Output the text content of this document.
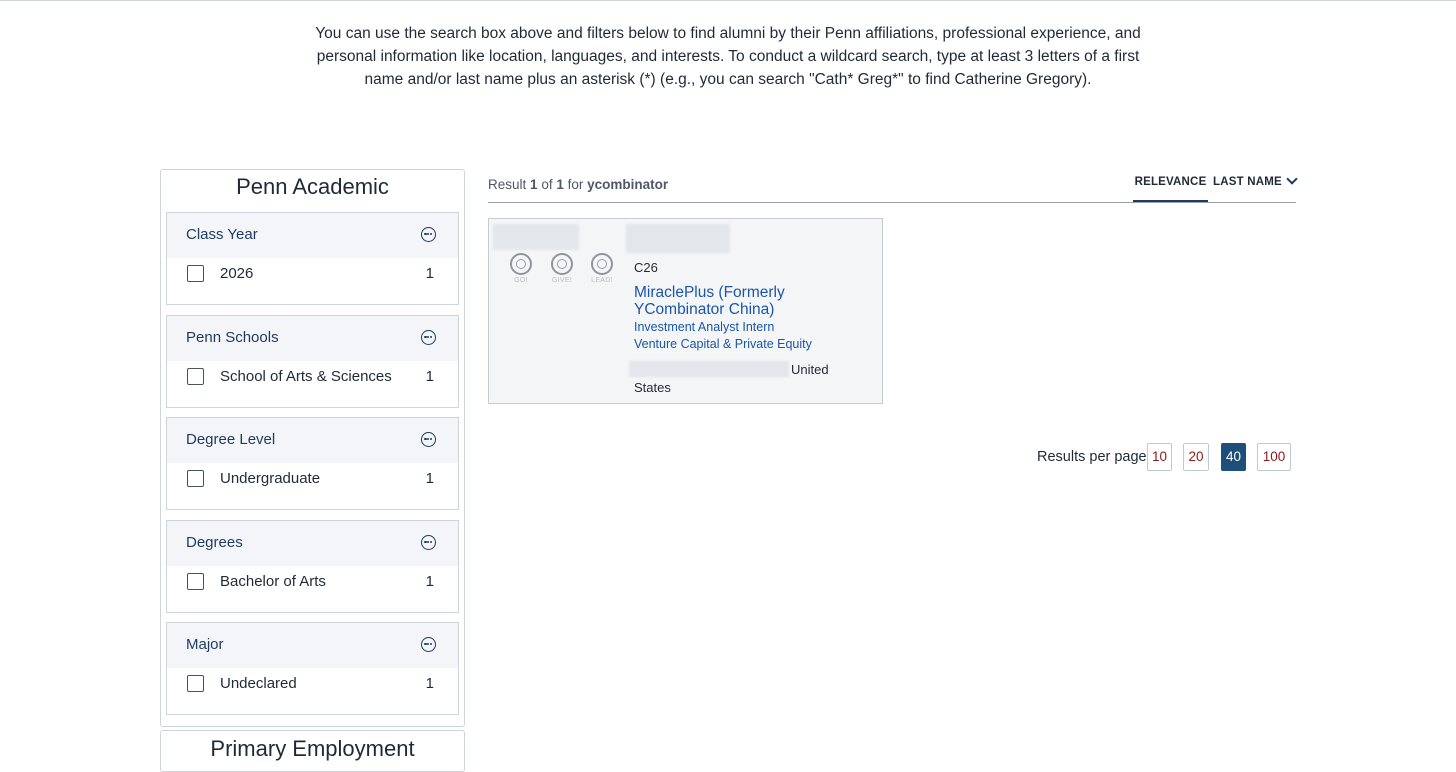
You can use the search box above and filters below to find alumni by their Penn affiliations, professional experience, and personal information like location, languages, and interests. To conduct a wildcard search, type at least 3 letters of a first name and/or last name plus an asterisk (*) (e.g., you can search "Cath* Greg*" to find Catherine Gregory).

Penn Academic
Class Year
2026	1
Penn Schools
School of Arts & Sciences 1
Degree Level
Undergraduate	1
Degrees
Bachelor of Arts	1
Major
Undeclared	1
Primary Employment
Result 1 of 1 for ycombinator	RELEVANCE LAST NAME
GO!	GIVE!	LEAD!
C26
MiraclePlus (Formerly YCombinator China)
Investment Analyst Intern
Venture Capital & Private Equity
United
States
Results per page 10	20	40	100
